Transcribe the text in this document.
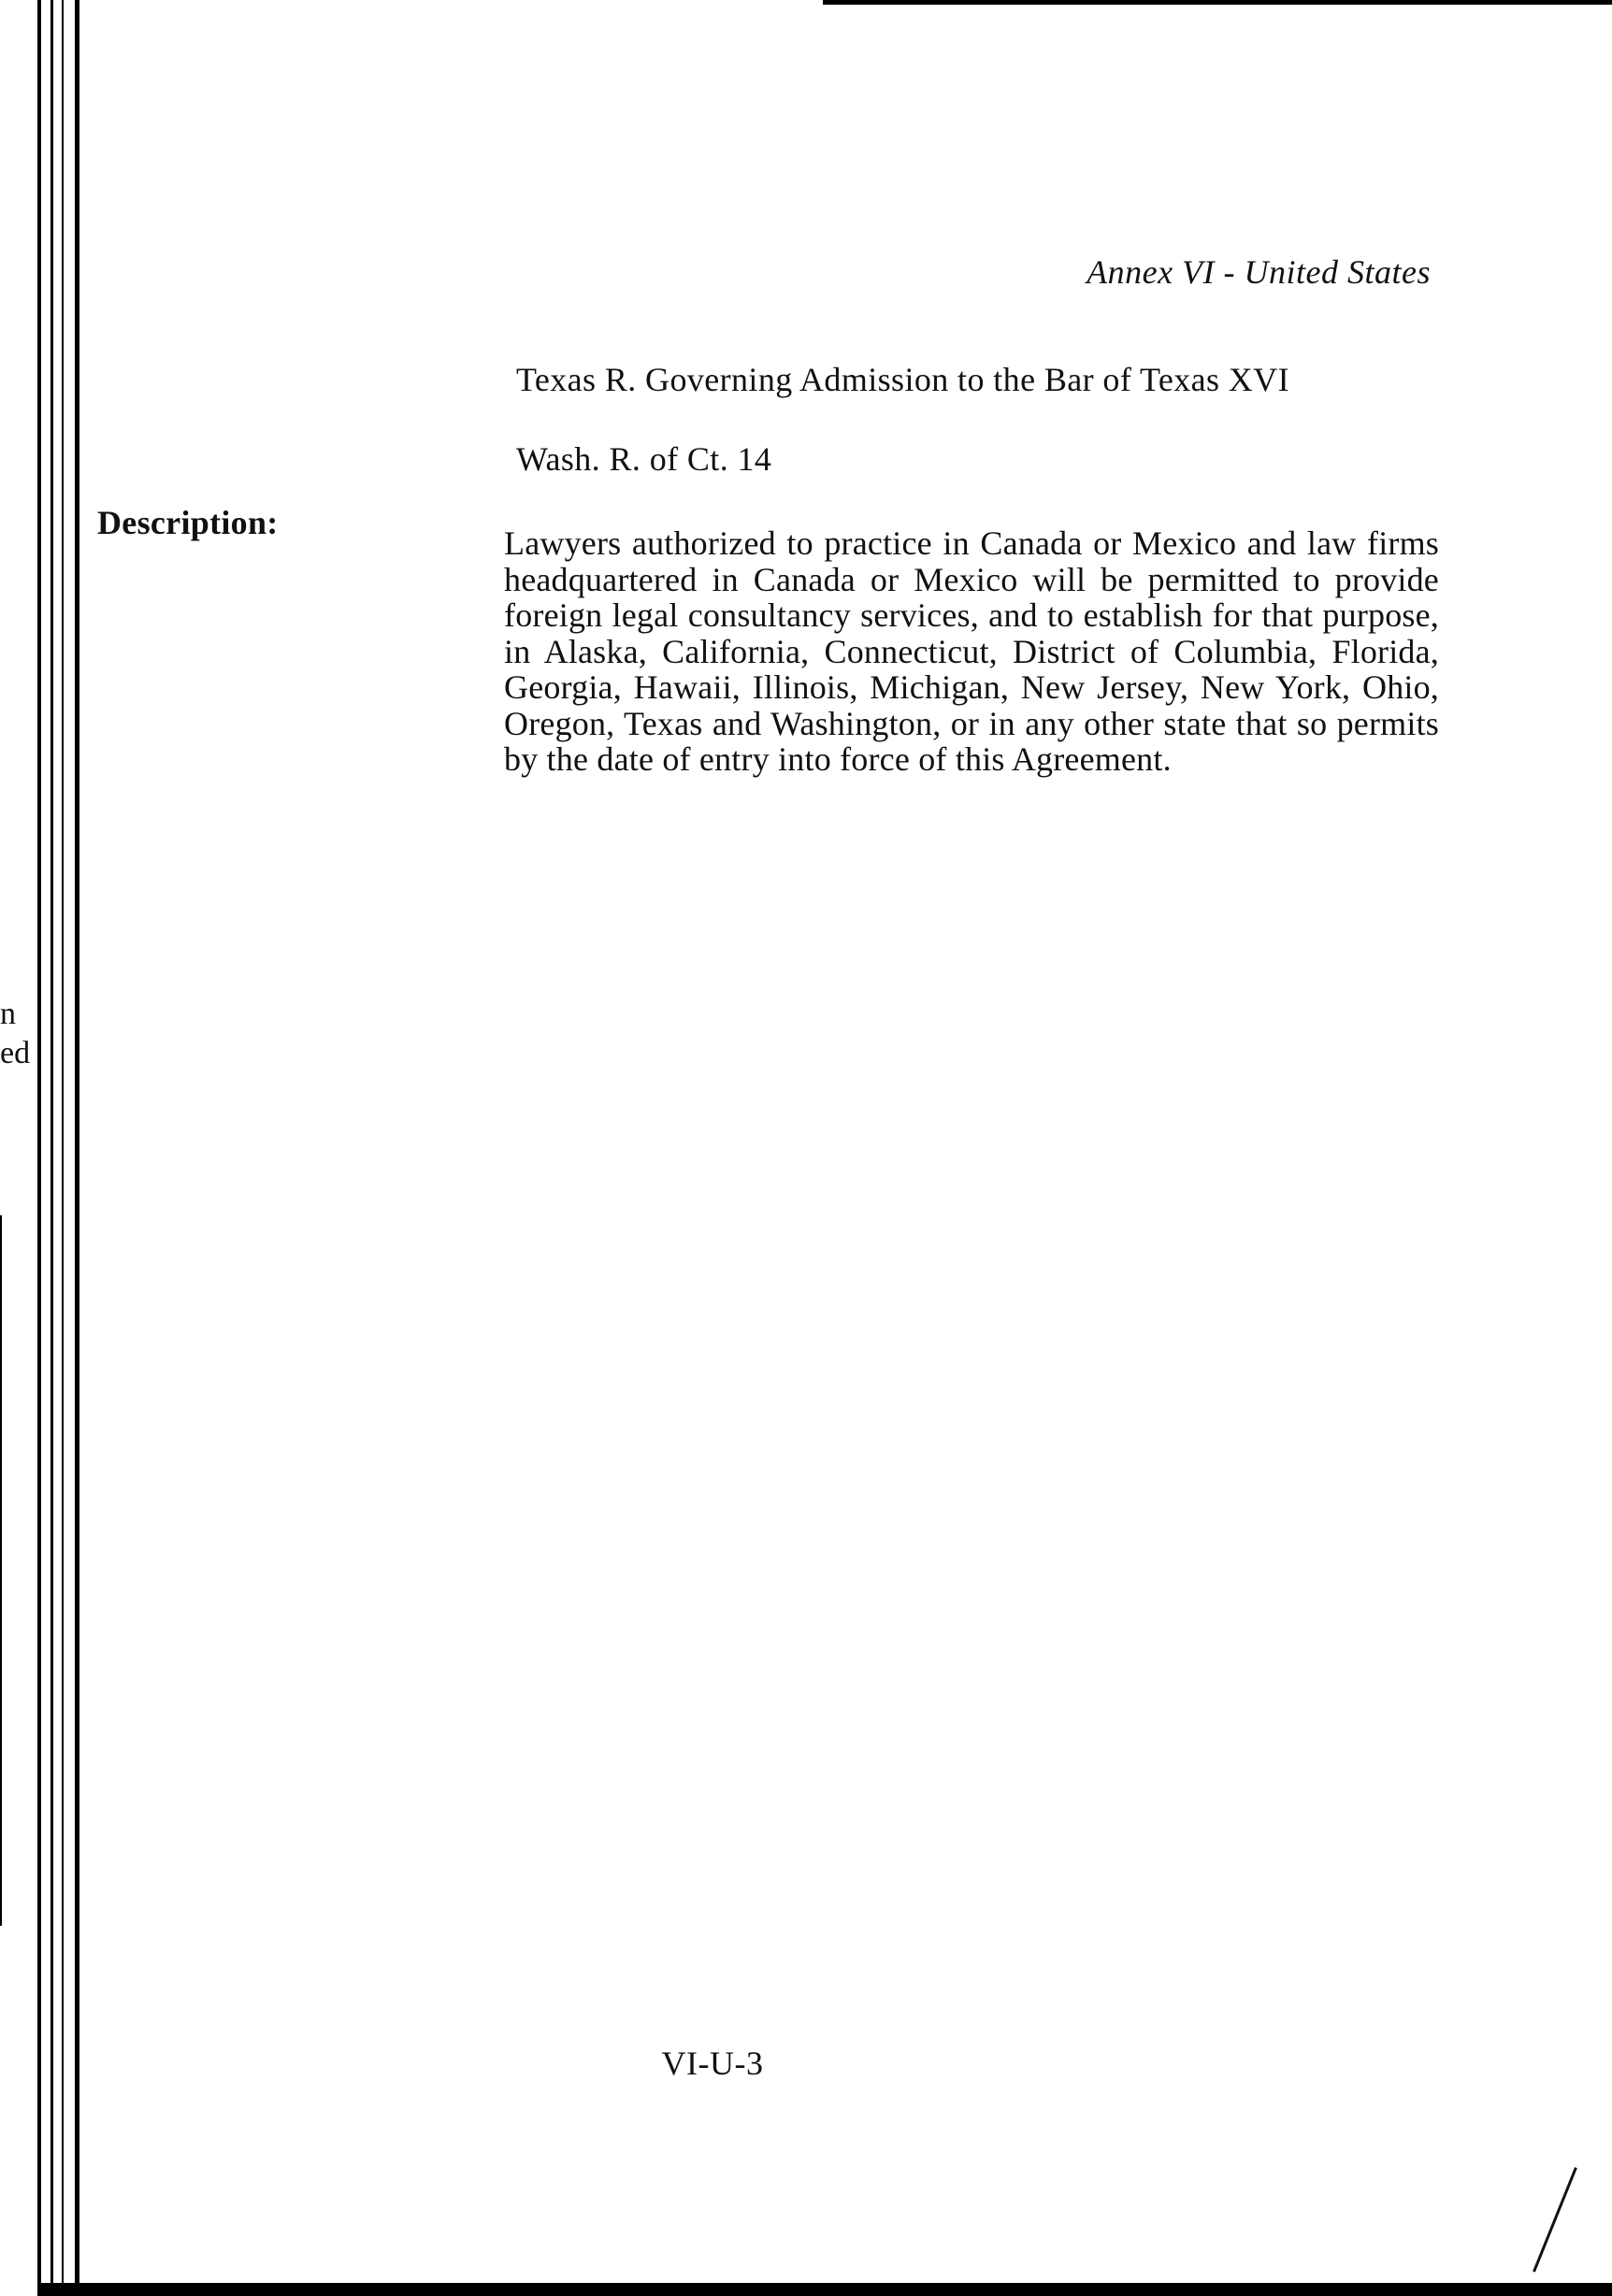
n
ed
Annex VI - United States
Texas R. Governing Admission to the Bar of Texas XVI
Wash. R. of Ct. 14
Description:
Lawyers authorized to practice in Canada or Mexico and law firms headquartered in Canada or Mexico will be permitted to provide foreign legal consultancy services, and to establish for that purpose, in Alaska, California, Connecticut, District of Columbia, Florida, Georgia, Hawaii, Illinois, Michigan, New Jersey, New York, Ohio, Oregon, Texas and Washington, or in any other state that so permits by the date of entry into force of this Agreement.
VI-U-3
